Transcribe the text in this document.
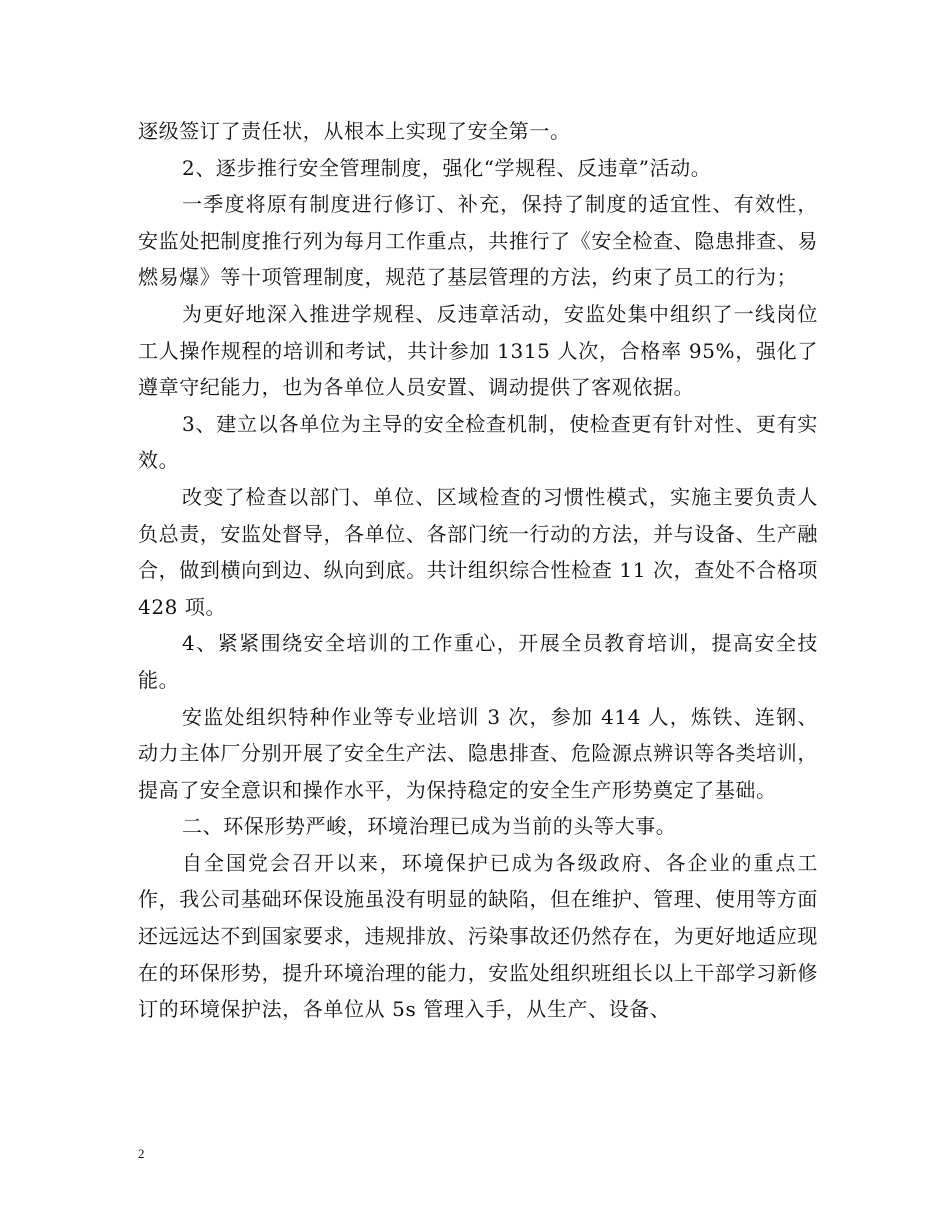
逐级签订了责任状，从根本上实现了安全第一。

2、逐步推行安全管理制度，强化“学规程、反违章”活动。

一季度将原有制度进行修订、补充，保持了制度的适宜性、有效性，安监处把制度推行列为每月工作重点，共推行了《安全检查、隐患排查、易燃易爆》等十项管理制度，规范了基层管理的方法，约束了员工的行为；

为更好地深入推进学规程、反违章活动，安监处集中组织了一线岗位工人操作规程的培训和考试，共计参加 1315 人次，合格率 95%，强化了遵章守纪能力，也为各单位人员安置、调动提供了客观依据。

3、建立以各单位为主导的安全检查机制，使检查更有针对性、更有实效。

改变了检查以部门、单位、区域检查的习惯性模式，实施主要负责人负总责，安监处督导，各单位、各部门统一行动的方法，并与设备、生产融合，做到横向到边、纵向到底。共计组织综合性检查 11 次，查处不合格项 428 项。

4、紧紧围绕安全培训的工作重心，开展全员教育培训，提高安全技能。

安监处组织特种作业等专业培训 3 次，参加 414 人，炼铁、连钢、动力主体厂分别开展了安全生产法、隐患排查、危险源点辨识等各类培训，提高了安全意识和操作水平，为保持稳定的安全生产形势奠定了基础。

二、环保形势严峻，环境治理已成为当前的头等大事。

自全国党会召开以来，环境保护已成为各级政府、各企业的重点工作，我公司基础环保设施虽没有明显的缺陷，但在维护、管理、使用等方面还远远达不到国家要求，违规排放、污染事故还仍然存在，为更好地适应现在的环保形势，提升环境治理的能力，安监处组织班组长以上干部学习新修订的环境保护法，各单位从 5s 管理入手，从生产、设备、

2
